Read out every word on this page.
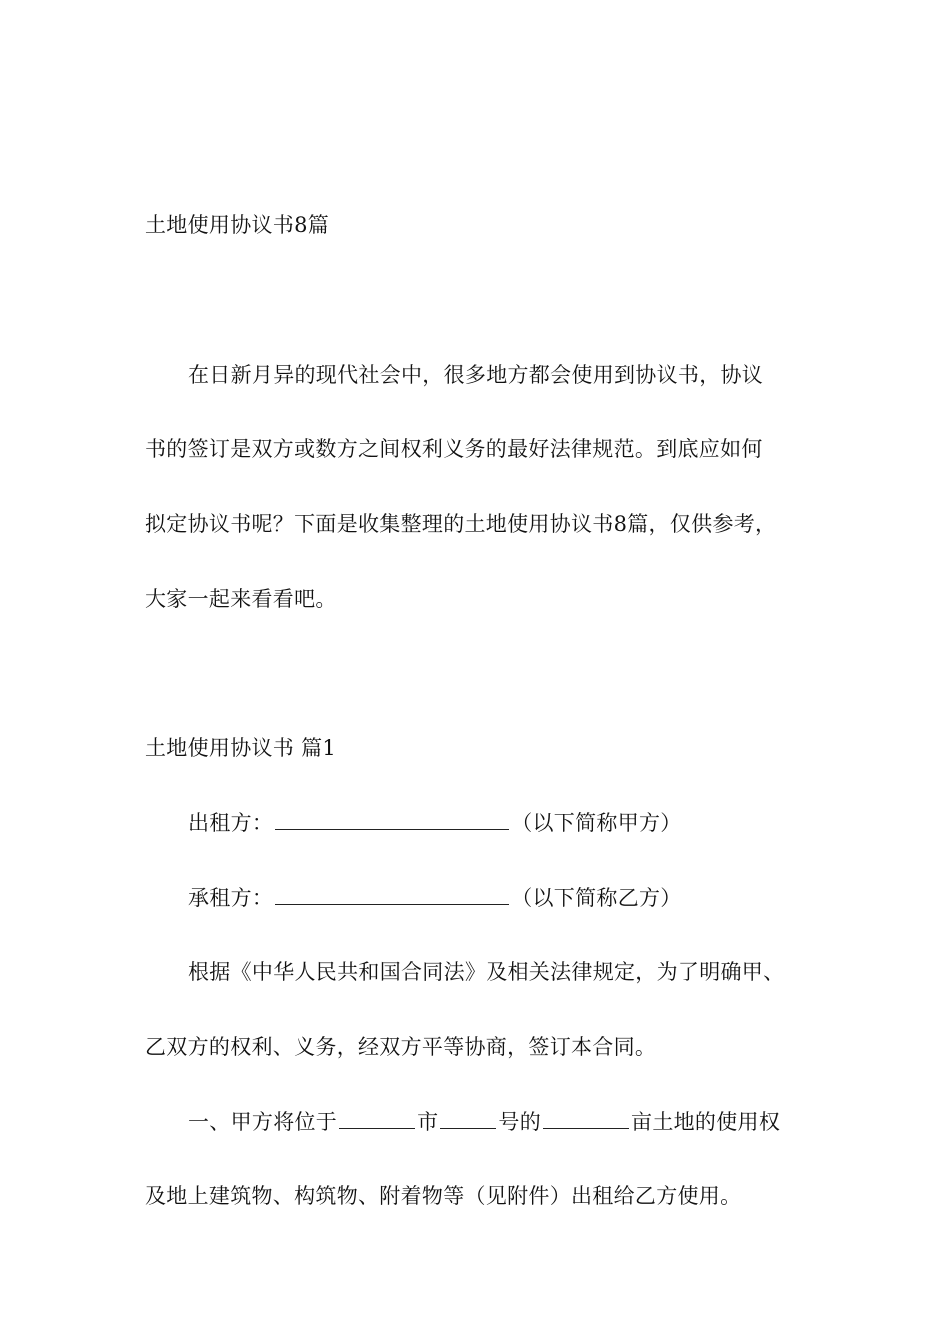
土地使用协议书8篇
在日新月异的现代社会中，很多地方都会使用到协议书，协议
书的签订是双方或数方之间权利义务的最好法律规范。到底应如何
拟定协议书呢？下面是收集整理的土地使用协议书8篇，仅供参考，
大家一起来看看吧。
土地使用协议书 篇1
出租方：	（以下简称甲方）
承租方：	（以下简称乙方）
根据《中华人民共和国合同法》及相关法律规定，为了明确甲、
乙双方的权利、义务，经双方平等协商，签订本合同。
一、甲方将位于	市	号的	亩土地的使用权
及地上建筑物、构筑物、附着物等（见附件）出租给乙方使用。
